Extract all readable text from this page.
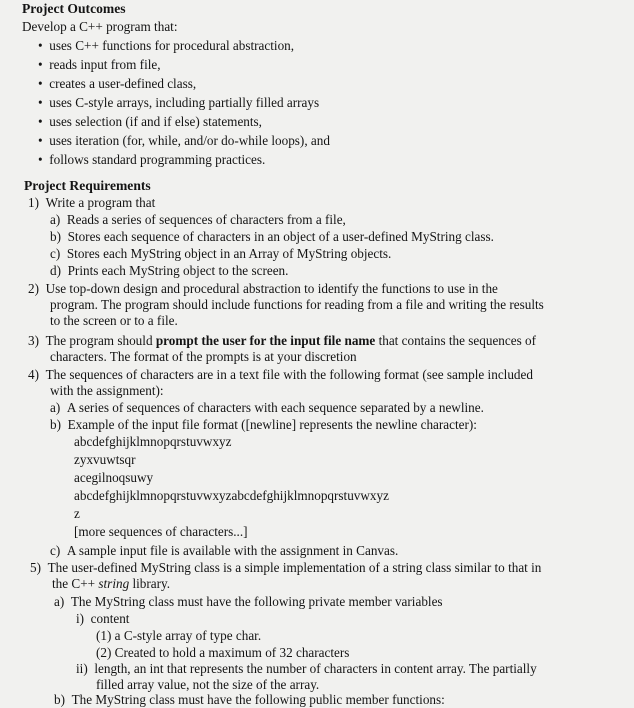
Project Outcomes
Develop a C++ program that:
• uses C++ functions for procedural abstraction,
• reads input from file,
• creates a user-defined class,
• uses C-style arrays, including partially filled arrays
• uses selection (if and if else) statements,
• uses iteration (for, while, and/or do-while loops), and
• follows standard programming practices.
Project Requirements
1) Write a program that
a) Reads a series of sequences of characters from a file,
b) Stores each sequence of characters in an object of a user-defined MyString class.
c) Stores each MyString object in an Array of MyString objects.
d) Prints each MyString object to the screen.
2) Use top-down design and procedural abstraction to identify the functions to use in the
program. The program should include functions for reading from a file and writing the results
to the screen or to a file.
3) The program should prompt the user for the input file name that contains the sequences of
characters. The format of the prompts is at your discretion
4) The sequences of characters are in a text file with the following format (see sample included
with the assignment):
a) A series of sequences of characters with each sequence separated by a newline.
b) Example of the input file format ([newline] represents the newline character):
abcdefghijklmnopqrstuvwxyz
zyxvuwtsqr
acegilnoqsuwy
abcdefghijklmnopqrstuvwxyzabcdefghijklmnopqrstuvwxyz
z
[more sequences of characters...]
c) A sample input file is available with the assignment in Canvas.
5) The user-defined MyString class is a simple implementation of a string class similar to that in
the C++ string library.
a) The MyString class must have the following private member variables
i) content
(1) a C-style array of type char.
(2) Created to hold a maximum of 32 characters
ii) length, an int that represents the number of characters in content array. The partially
filled array value, not the size of the array.
b) The MyString class must have the following public member functions:
